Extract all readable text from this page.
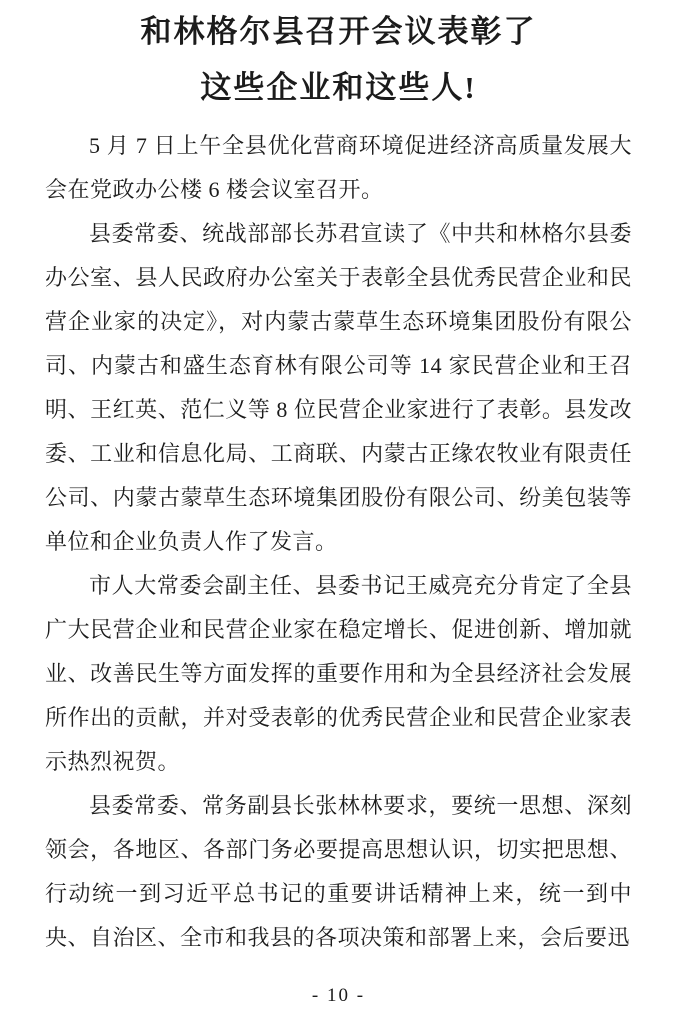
和林格尔县召开会议表彰了
这些企业和这些人!

5 月 7 日上午全县优化营商环境促进经济高质量发展大会在党政办公楼 6 楼会议室召开。

县委常委、统战部部长苏君宣读了《中共和林格尔县委办公室、县人民政府办公室关于表彰全县优秀民营企业和民营企业家的决定》，对内蒙古蒙草生态环境集团股份有限公司、内蒙古和盛生态育林有限公司等 14 家民营企业和王召明、王红英、范仁义等 8 位民营企业家进行了表彰。县发改委、工业和信息化局、工商联、内蒙古正缘农牧业有限责任公司、内蒙古蒙草生态环境集团股份有限公司、纷美包装等单位和企业负责人作了发言。

市人大常委会副主任、县委书记王威亮充分肯定了全县广大民营企业和民营企业家在稳定增长、促进创新、增加就业、改善民生等方面发挥的重要作用和为全县经济社会发展所作出的贡献，并对受表彰的优秀民营企业和民营企业家表示热烈祝贺。

县委常委、常务副县长张林林要求，要统一思想、深刻领会，各地区、各部门务必要提高思想认识，切实把思想、行动统一到习近平总书记的重要讲话精神上来，统一到中央、自治区、全市和我县的各项决策和部署上来，会后要迅

- 10 -
